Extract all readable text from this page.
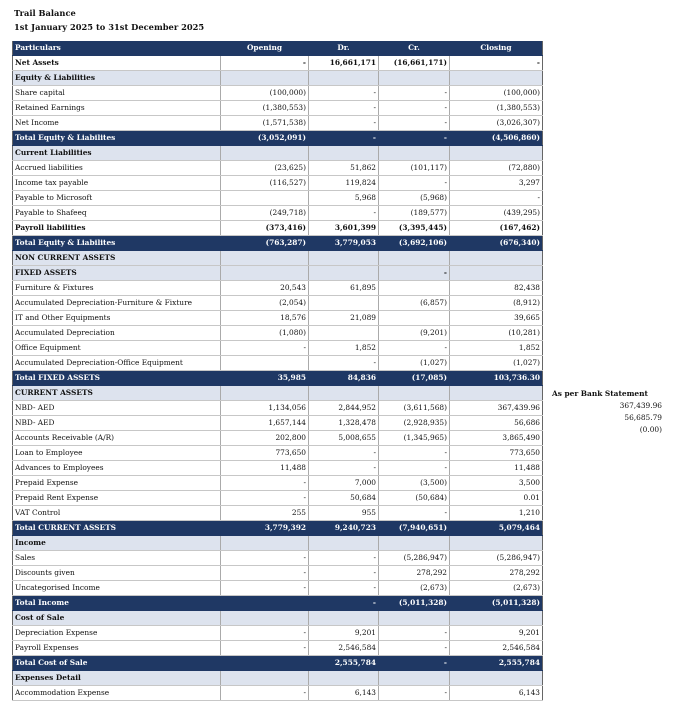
Trail Balance
1st January 2025 to 31st December 2025
Particulars	Opening	Dr.	Cr.	Closing
Net Assets	-	16,661,171	(16,661,171)	-
Equity & Liabilities				
Share capital	(100,000)	-	-	(100,000)
Retained Earnings	(1,380,553)	-	-	(1,380,553)
Net Income	(1,571,538)	-	-	(3,026,307)
Total Equity & Liabilites	(3,052,091)	-	-	(4,506,860)
Current Liabilities				
Accrued liabilities	(23,625)	51,862	(101,117)	(72,880)
Income tax payable	(116,527)	119,824	-	3,297
Payable to Microsoft		5,968	(5,968)	-
Payable to Shafeeq	(249,718)	-	(189,577)	(439,295)
Payroll liabilities	(373,416)	3,601,399	(3,395,445)	(167,462)
Total Equity & Liabilites	(763,287)	3,779,053	(3,692,106)	(676,340)
NON CURRENT ASSETS				
FIXED ASSETS			-	
Furniture & Fixtures	20,543	61,895		82,438
Accumulated Depreciation-Furniture & Fixture	(2,054)		(6,857)	(8,912)
IT and Other Equipments	18,576	21,089		39,665
Accumulated Depreciation	(1,080)		(9,201)	(10,281)
Office Equipment	-	1,852	-	1,852
Accumulated Depreciation-Office Equipment		-	(1,027)	(1,027)
Total FIXED ASSETS	35,985	84,836	(17,085)	103,736.30
CURRENT ASSETS				
NBD- AED	1,134,056	2,844,952	(3,611,568)	367,439.96
NBD- AED	1,657,144	1,328,478	(2,928,935)	56,686
Accounts Receivable (A/R)	202,800	5,008,655	(1,345,965)	3,865,490
Loan to Employee	773,650	-	-	773,650
Advances to Employees	11,488	-	-	11,488
Prepaid Expense	-	7,000	(3,500)	3,500
Prepaid Rent Expense	-	50,684	(50,684)	0.01
VAT Control	255	955	-	1,210
Total CURRENT ASSETS	3,779,392	9,240,723	(7,940,651)	5,079,464
Income				
Sales	-	-	(5,286,947)	(5,286,947)
Discounts given	-	-	278,292	278,292
Uncategorised Income	-	-	(2,673)	(2,673)
Total Income		-	(5,011,328)	(5,011,328)
Cost of Sale				
Depreciation Expense	-	9,201	-	9,201
Payroll Expenses	-	2,546,584	-	2,546,584
Total Cost of Sale		2,555,784	-	2,555,784
Expenses Detail				
Accommodation Expense	-	6,143	-	6,143
As per Bank Statement
367,439.96
56,685.79
(0.00)
